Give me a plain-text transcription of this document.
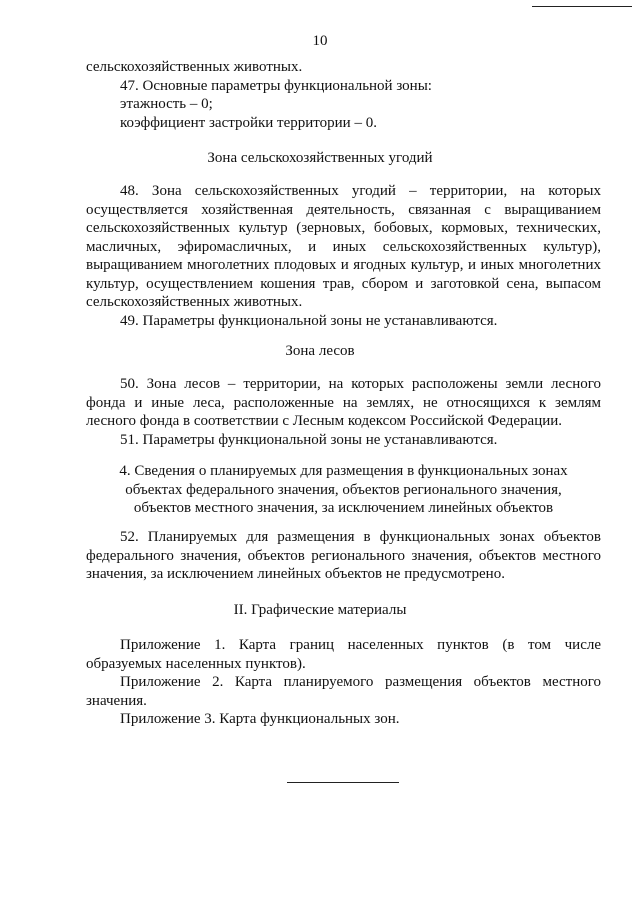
10

сельскохозяйственных животных.

47. Основные параметры функциональной зоны:

этажность – 0;

коэффициент застройки территории – 0.

Зона сельскохозяйственных угодий

48. Зона сельскохозяйственных угодий – территории, на которых осуществляется хозяйственная деятельность, связанная с выращиванием сельскохозяйственных культур (зерновых, бобовых, кормовых, технических, масличных, эфиромасличных, и иных сельскохозяйственных культур), выращиванием многолетних плодовых и ягодных культур, и иных многолетних культур, осуществлением кошения трав, сбором и заготовкой сена, выпасом сельскохозяйственных животных.

49. Параметры функциональной зоны не устанавливаются.

Зона лесов

50. Зона лесов – территории, на которых расположены земли лесного фонда и иные леса, расположенные на землях, не относящихся к землям лесного фонда в соответствии с Лесным кодексом Российской Федерации.

51. Параметры функциональной зоны не устанавливаются.

4. Сведения о планируемых для размещения в функциональных зонах
объектах федерального значения, объектов регионального значения,
объектов местного значения, за исключением линейных объектов

52. Планируемых для размещения в функциональных зонах объектов федерального значения, объектов регионального значения, объектов местного значения, за исключением линейных объектов не предусмотрено.

II. Графические материалы

Приложение 1. Карта границ населенных пунктов (в том числе образуемых населенных пунктов).

Приложение 2. Карта планируемого размещения объектов местного значения.

Приложение 3. Карта функциональных зон.
